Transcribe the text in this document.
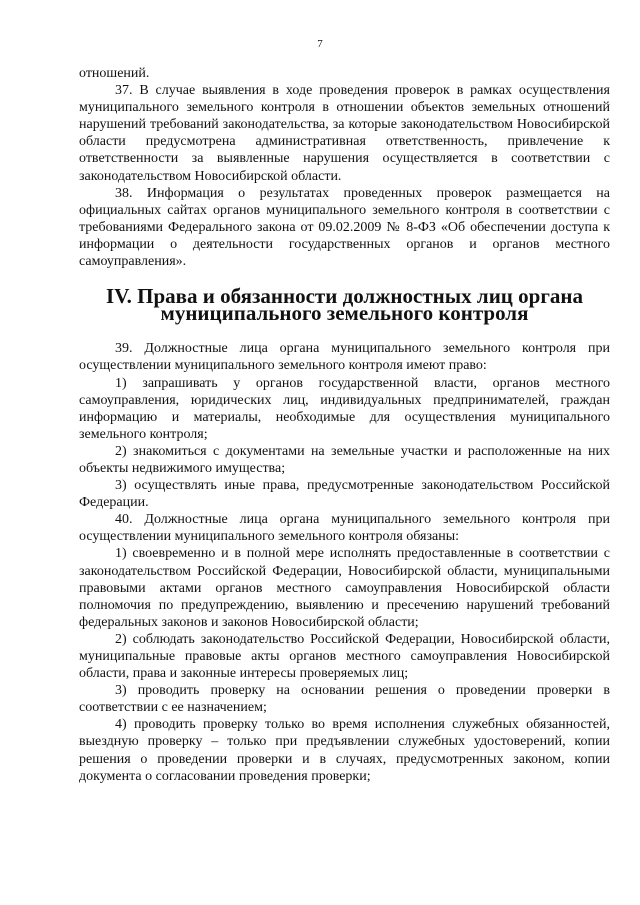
7

отношений.

37. В случае выявления в ходе проведения проверок в рамках осуществления муниципального земельного контроля в отношении объектов земельных отношений нарушений требований законодательства, за которые законодательством Новосибирской области предусмотрена административная ответственность, привлечение к ответственности за выявленные нарушения осуществляется в соответствии с законодательством Новосибирской области.

38. Информация о результатах проведенных проверок размещается на официальных сайтах органов муниципального земельного контроля в соответствии с требованиями Федерального закона от 09.02.2009 № 8-ФЗ «Об обеспечении доступа к информации о деятельности государственных органов и органов местного самоуправления».

IV. Права и обязанности должностных лиц органа
муниципального земельного контроля

39. Должностные лица органа муниципального земельного контроля при осуществлении муниципального земельного контроля имеют право:

1) запрашивать у органов государственной власти, органов местного самоуправления, юридических лиц, индивидуальных предпринимателей, граждан информацию и материалы, необходимые для осуществления муниципального земельного контроля;

2) знакомиться с документами на земельные участки и расположенные на них объекты недвижимого имущества;

3) осуществлять иные права, предусмотренные законодательством Российской Федерации.

40. Должностные лица органа муниципального земельного контроля при осуществлении муниципального земельного контроля обязаны:

1) своевременно и в полной мере исполнять предоставленные в соответствии с законодательством Российской Федерации, Новосибирской области, муниципальными правовыми актами органов местного самоуправления Новосибирской области полномочия по предупреждению, выявлению и пресечению нарушений требований федеральных законов и законов Новосибирской области;

2) соблюдать законодательство Российской Федерации, Новосибирской области, муниципальные правовые акты органов местного самоуправления Новосибирской области, права и законные интересы проверяемых лиц;

3) проводить проверку на основании решения о проведении проверки в соответствии с ее назначением;

4) проводить проверку только во время исполнения служебных обязанностей, выездную проверку – только при предъявлении служебных удостоверений, копии решения о проведении проверки и в случаях, предусмотренных законом, копии документа о согласовании проведения проверки;
